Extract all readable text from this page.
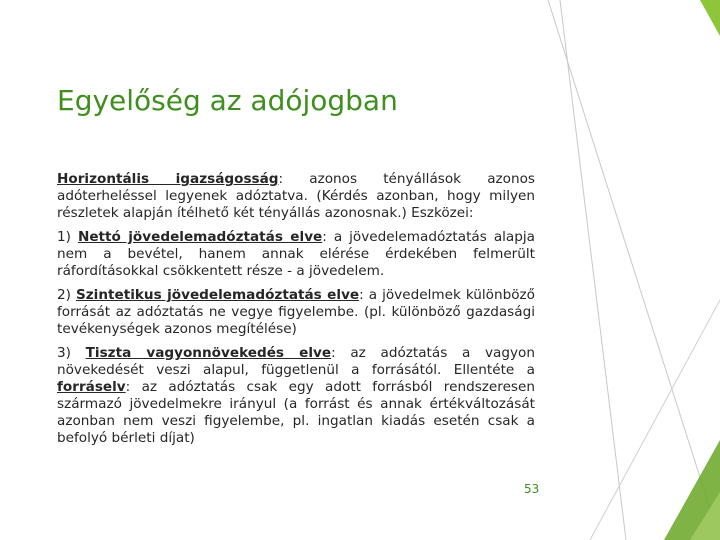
Egyelőség az adójogban

Horizontális igazságosság: azonos tényállások azonos adóterheléssel legyenek adóztatva. (Kérdés azonban, hogy milyen részletek alapján ítélhető két tényállás azonosnak.) Eszközei:

1) Nettó jövedelemadóztatás elve: a jövedelemadóztatás alapja nem a bevétel, hanem annak elérése érdekében felmerült ráfordításokkal csökkentett része - a jövedelem.

2) Szintetikus jövedelemadóztatás elve: a jövedelmek különböző forrását az adóztatás ne vegye figyelembe. (pl. különböző gazdasági tevékenységek azonos megítélése)

3) Tiszta vagyonnövekedés elve: az adóztatás a vagyon növekedését veszi alapul, függetlenül a forrásától. Ellentéte a forráselv: az adóztatás csak egy adott forrásból rendszeresen származó jövedelmekre irányul (a forrást és annak értékváltozását azonban nem veszi figyelembe, pl. ingatlan kiadás esetén csak a befolyó bérleti díjat)

53
